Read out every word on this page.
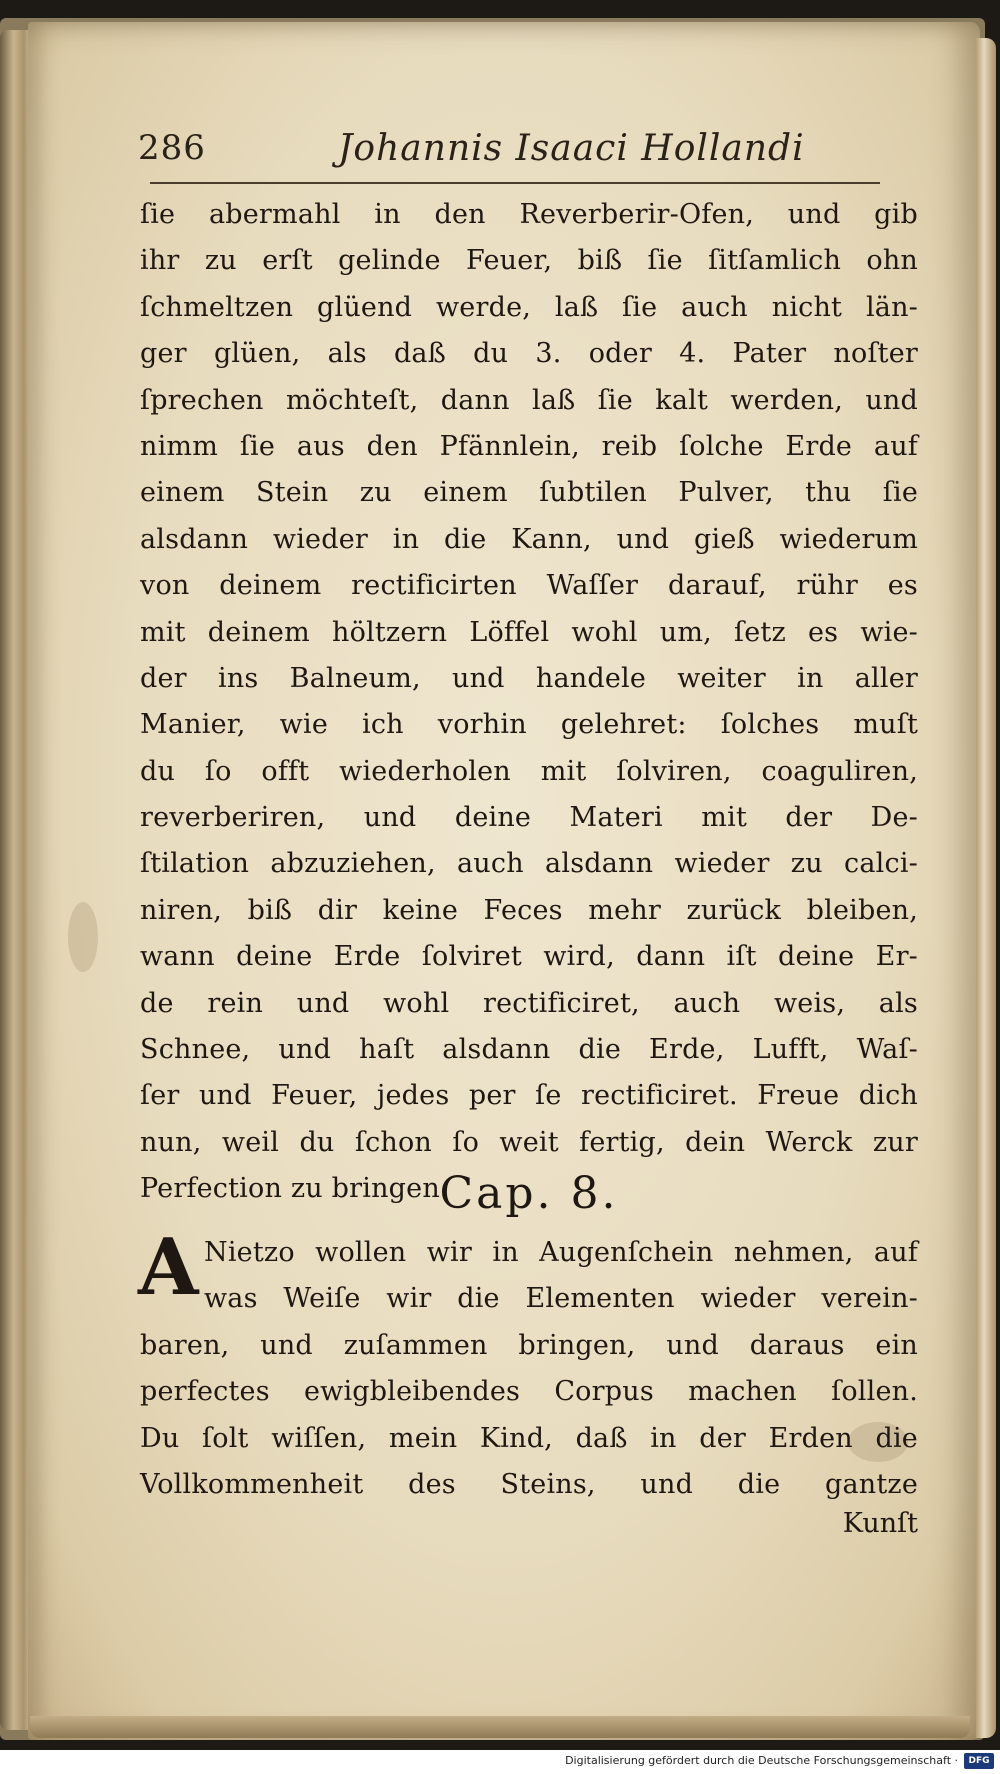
286	Johannis Isaaci Hollandi
ſie abermahl in den Reverberir-Ofen, und gib
ihr zu erſt gelinde Feuer, biß ſie ſitſamlich ohn
ſchmeltzen glüend werde, laß ſie auch nicht län-
ger glüen, als daß du 3. oder 4. Pater noſter
ſprechen möchteſt, dann laß ſie kalt werden, und
nimm ſie aus den Pfännlein, reib ſolche Erde auf
einem Stein zu einem ſubtilen Pulver, thu ſie
alsdann wieder in die Kann, und gieß wiederum
von deinem rectificirten Waſſer darauf, rühr es
mit deinem höltzern Löffel wohl um, ſetz es wie-
der ins Balneum, und handele weiter in aller
Manier, wie ich vorhin gelehret: ſolches muſt
du ſo offt wiederholen mit ſolviren, coaguliren,
reverberiren, und deine Materi mit der De-
ſtilation abzuziehen, auch alsdann wieder zu calci-
niren, biß dir keine Feces mehr zurück bleiben,
wann deine Erde ſolviret wird, dann iſt deine Er-
de rein und wohl rectificiret, auch weis, als
Schnee, und haſt alsdann die Erde, Lufft, Waſ-
ſer und Feuer, jedes per ſe rectificiret. Freue dich
nun, weil du ſchon ſo weit fertig, dein Werck zur
Perfection zu bringen.
Cap. 8.
A Nietzo wollen wir in Augenſchein nehmen, auf
was Weiſe wir die Elementen wieder verein-
baren, und zuſammen bringen, und daraus ein
perfectes ewigbleibendes Corpus machen ſollen.
Du ſolt wiſſen, mein Kind, daß in der Erden die
Vollkommenheit des Steins, und die gantze
Kunſt
Digitalisierung gefördert durch die Deutsche Forschungsgemeinschaft ·	DFG
